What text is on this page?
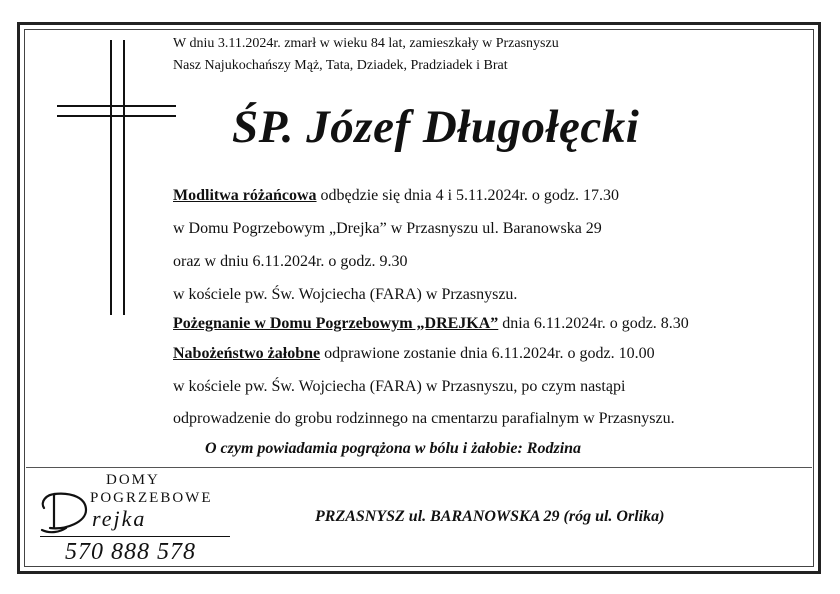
W dniu 3.11.2024r. zmarł w wieku 84 lat, zamieszkały w Przasnyszu
Nasz Najukochańszy Mąż, Tata, Dziadek, Pradziadek i Brat
ŚP. Józef Długołęcki
Modlitwa różańcowa odbędzie się dnia 4 i 5.11.2024r. o godz. 17.30
w Domu Pogrzebowym „Drejka” w Przasnyszu ul. Baranowska 29
oraz w dniu 6.11.2024r. o godz. 9.30
w kościele pw. Św. Wojciecha (FARA) w Przasnyszu.
Pożegnanie w Domu Pogrzebowym „DREJKA” dnia 6.11.2024r. o godz. 8.30
Nabożeństwo żałobne odprawione zostanie dnia 6.11.2024r. o godz. 10.00
w kościele pw. Św. Wojciecha (FARA) w Przasnyszu, po czym nastąpi
odprowadzenie do grobu rodzinnego na cmentarzu parafialnym w Przasnyszu.
O czym powiadamia pogrążona w bólu i żałobie: Rodzina
DOMY
POGRZEBOWE
rejka
570 888 578
PRZASNYSZ ul. BARANOWSKA 29 (róg ul. Orlika)
